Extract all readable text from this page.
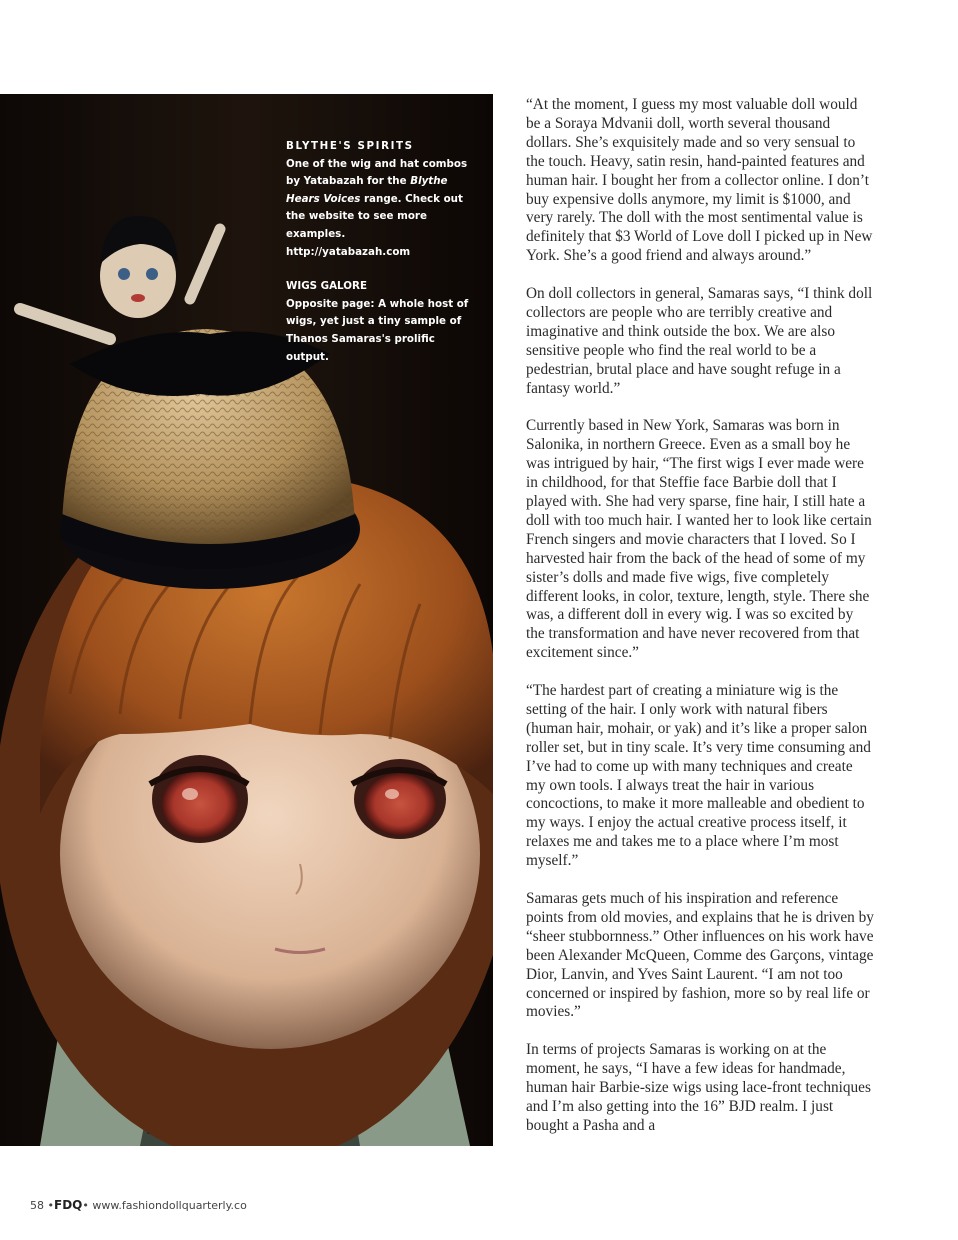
BLYTHE'S SPIRITS

One of the wig and hat combos by Yatabazah for the Blythe Hears Voices range. Check out the website to see more examples.

http://yatabazah.com

WIGS GALORE

Opposite page: A whole host of wigs, yet just a tiny sample of Thanos Samaras's prolific output.

“At the moment, I guess my most valuable doll would be a Soraya Mdvanii doll, worth several thousand dollars. She’s exquisitely made and so very sensual to the touch. Heavy, satin resin, hand-painted features and human hair. I bought her from a collector online. I don’t buy expensive dolls anymore, my limit is $1000, and very rarely. The doll with the most sentimental value is definitely that $3 World of Love doll I picked up in New York. She’s a good friend and always around.”

On doll collectors in general, Samaras says, “I think doll collectors are people who are terribly creative and imaginative and think outside the box. We are also sensitive people who find the real world to be a pedestrian, brutal place and have sought refuge in a fantasy world.”

Currently based in New York, Samaras was born in Salonika, in northern Greece. Even as a small boy he was intrigued by hair, “The first wigs I ever made were in childhood, for that Steffie face Barbie doll that I played with. She had very sparse, fine hair, I still hate a doll with too much hair. I wanted her to look like certain French singers and movie characters that I loved. So I harvested hair from the back of the head of some of my sister’s dolls and made five wigs, five completely different looks, in color, texture, length, style. There she was, a different doll in every wig. I was so excited by the transformation and have never recovered from that excitement since.”

“The hardest part of creating a miniature wig is the setting of the hair. I only work with natural fibers (human hair, mohair, or yak) and it’s like a proper salon roller set, but in tiny scale. It’s very time consuming and I’ve had to come up with many techniques and create my own tools. I always treat the hair in various concoctions, to make it more malleable and obedient to my ways. I enjoy the actual creative process itself, it relaxes me and takes me to a place where I’m most myself.”

Samaras gets much of his inspiration and reference points from old movies, and explains that he is driven by “sheer stubbornness.” Other influences on his work have been Alexander McQueen, Comme des Garçons, vintage Dior, Lanvin, and Yves Saint Laurent. “I am not too concerned or inspired by fashion, more so by real life or movies.”

In terms of projects Samaras is working on at the moment, he says, “I have a few ideas for handmade, human hair Barbie-size wigs using lace-front techniques and I’m also getting into the 16” BJD realm. I just bought a Pasha and a

58 •FDQ• www.fashiondollquarterly.co
